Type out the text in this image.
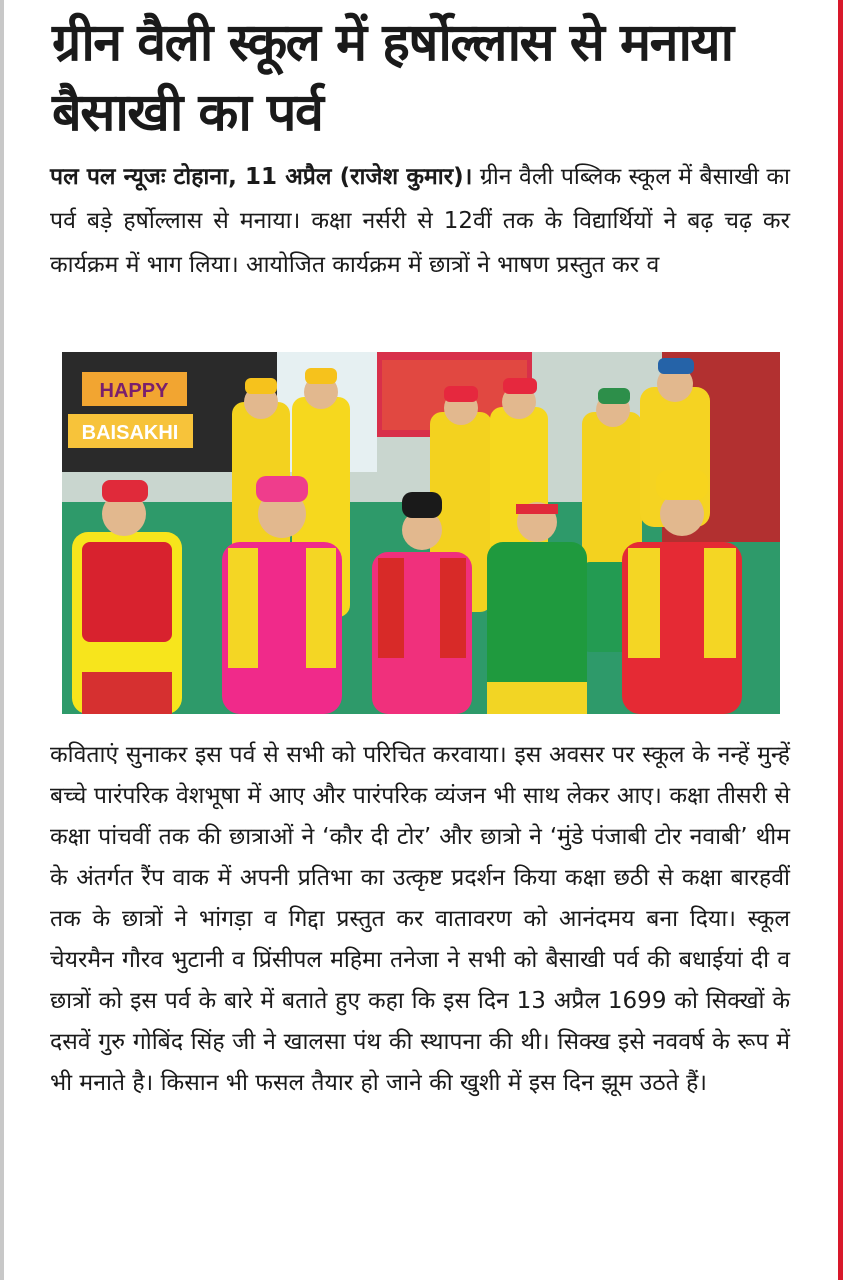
ग्रीन वैली स्कूल में हर्षोल्लास से मनाया बैसाखी का पर्व

पल पल न्यूजः टोहाना, 11 अप्रैल (राजेश कुमार)। ग्रीन वैली पब्लिक स्कूल में बैसाखी का पर्व बड़े हर्षोल्लास से मनाया। कक्षा नर्सरी से 12वीं तक के विद्यार्थियों ने बढ़ चढ़ कर कार्यक्रम में भाग लिया। आयोजित कार्यक्रम में छात्रों ने भाषण प्रस्तुत कर व

HAPPY
BAISAKHI

कविताएं सुनाकर इस पर्व से सभी को परिचित करवाया। इस अवसर पर स्कूल के नन्हें मुन्हें बच्चे पारंपरिक वेशभूषा में आए और पारंपरिक व्यंजन भी साथ लेकर आए। कक्षा तीसरी से कक्षा पांचवीं तक की छात्राओं ने ‘कौर दी टोर’ और छात्रो ने ‘मुंडे पंजाबी टोर नवाबी’ थीम के अंतर्गत रैंप वाक में अपनी प्रतिभा का उत्कृष्ट प्रदर्शन किया कक्षा छठी से कक्षा बारहवीं तक के छात्रों ने भांगड़ा व गिद्दा प्रस्तुत कर वातावरण को आनंदमय बना दिया। स्कूल चेयरमैन गौरव भुटानी व प्रिंसीपल महिमा तनेजा ने सभी को बैसाखी पर्व की बधाईयां दी व छात्रों को इस पर्व के बारे में बताते हुए कहा कि इस दिन 13 अप्रैल 1699 को सिक्खों के दसवें गुरु गोबिंद सिंह जी ने खालसा पंथ की स्थापना की थी। सिक्ख इसे नववर्ष के रूप में भी मनाते है। किसान भी फसल तैयार हो जाने की खुशी में इस दिन झूम उठते हैं।
